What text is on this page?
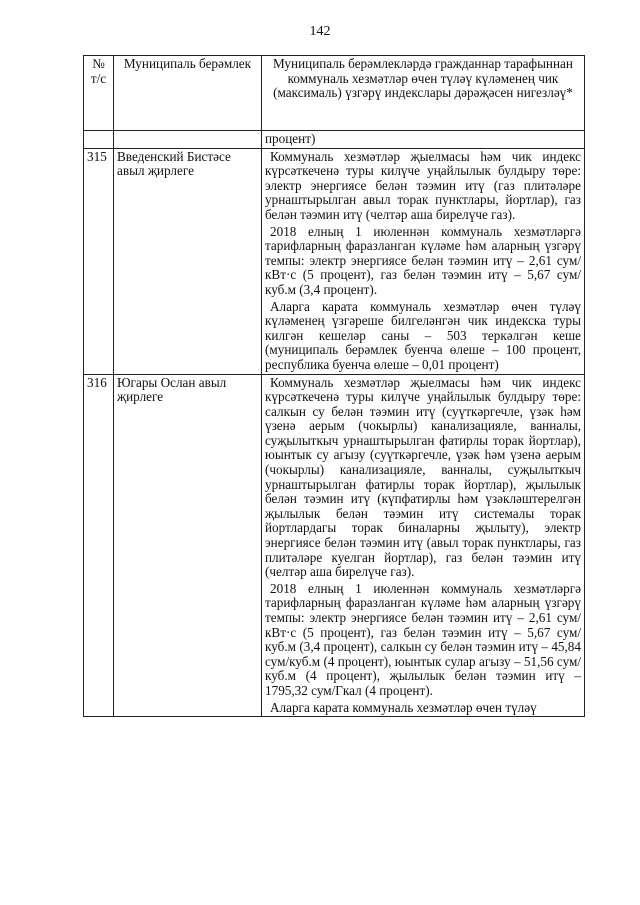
142
№ т/с	Муниципаль берәмлек	Муниципаль берәмлекләрдә гражданнар тарафыннан коммуналь хезмәтләр өчен түләү күләменең чик (максималь) үзгәрү индекслары дәрәҗәсен нигезләү*
		процент)
315	Введенский Бистәсе авыл җирлеге	Коммуналь хезмәтләр җыелмасы һәм чик индекс күрсәткеченә туры килүче уңайлылык булдыру төре: электр энергиясе белән тәэмин итү (газ плитәләре урнаштырылган авыл торак пунктлары, йортлар), газ белән тәэмин итү (челтәр аша бирелүче газ).

2018 елның 1 июленнән коммуналь хезмәтләргә тарифларның фаразланган күләме һәм аларның үзгәрү темпы: электр энергиясе белән тәэмин итү – 2,61 сум/кВт·с (5 процент), газ белән тәэмин итү – 5,67 сум/куб.м (3,4 процент).

Аларга карата коммуналь хезмәтләр өчен түләү күләменең үзгәреше билгеләнгән чик индекска туры килгән кешеләр саны – 503 теркәлгән кеше (муниципаль берәмлек буенча өлеше – 100 процент, республика буенча өлеше – 0,01 процент)

316	Югары Ослан авыл җирлеге	Коммуналь хезмәтләр җыелмасы һәм чик индекс күрсәткеченә туры килүче уңайлылык булдыру төре: салкын су белән тәэмин итү (суүткәргечле, үзәк һәм үзенә аерым (чокырлы) канализацияле, ванналы, суҗылыткыч урнаштырылган фатирлы торак йортлар), юынтык су агызу (суүткәргечле, үзәк һәм үзенә аерым (чокырлы) канализацияле, ванналы, суҗылыткыч урнаштырылган фатирлы торак йортлар), җылылык белән тәэмин итү (күпфатирлы һәм үзәкләштерелгән җылылык белән тәэмин итү системалы торак йортлардагы торак биналарны җылыту), электр энергиясе белән тәэмин итү (авыл торак пунктлары, газ плитәләре куелган йортлар), газ белән тәэмин итү (челтәр аша бирелүче газ).

2018 елның 1 июленнән коммуналь хезмәтләргә тарифларның фаразланган күләме һәм аларның үзгәрү темпы: электр энергиясе белән тәэмин итү – 2,61 сум/кВт·с (5 процент), газ белән тәэмин итү – 5,67 сум/куб.м (3,4 процент), салкын су белән тәэмин итү – 45,84 сум/куб.м (4 процент), юынтык сулар агызу – 51,56 сум/куб.м (4 процент), җылылык белән тәэмин итү – 1795,32 сум/Гкал (4 процент).

Аларга карата коммуналь хезмәтләр өчен түләү
